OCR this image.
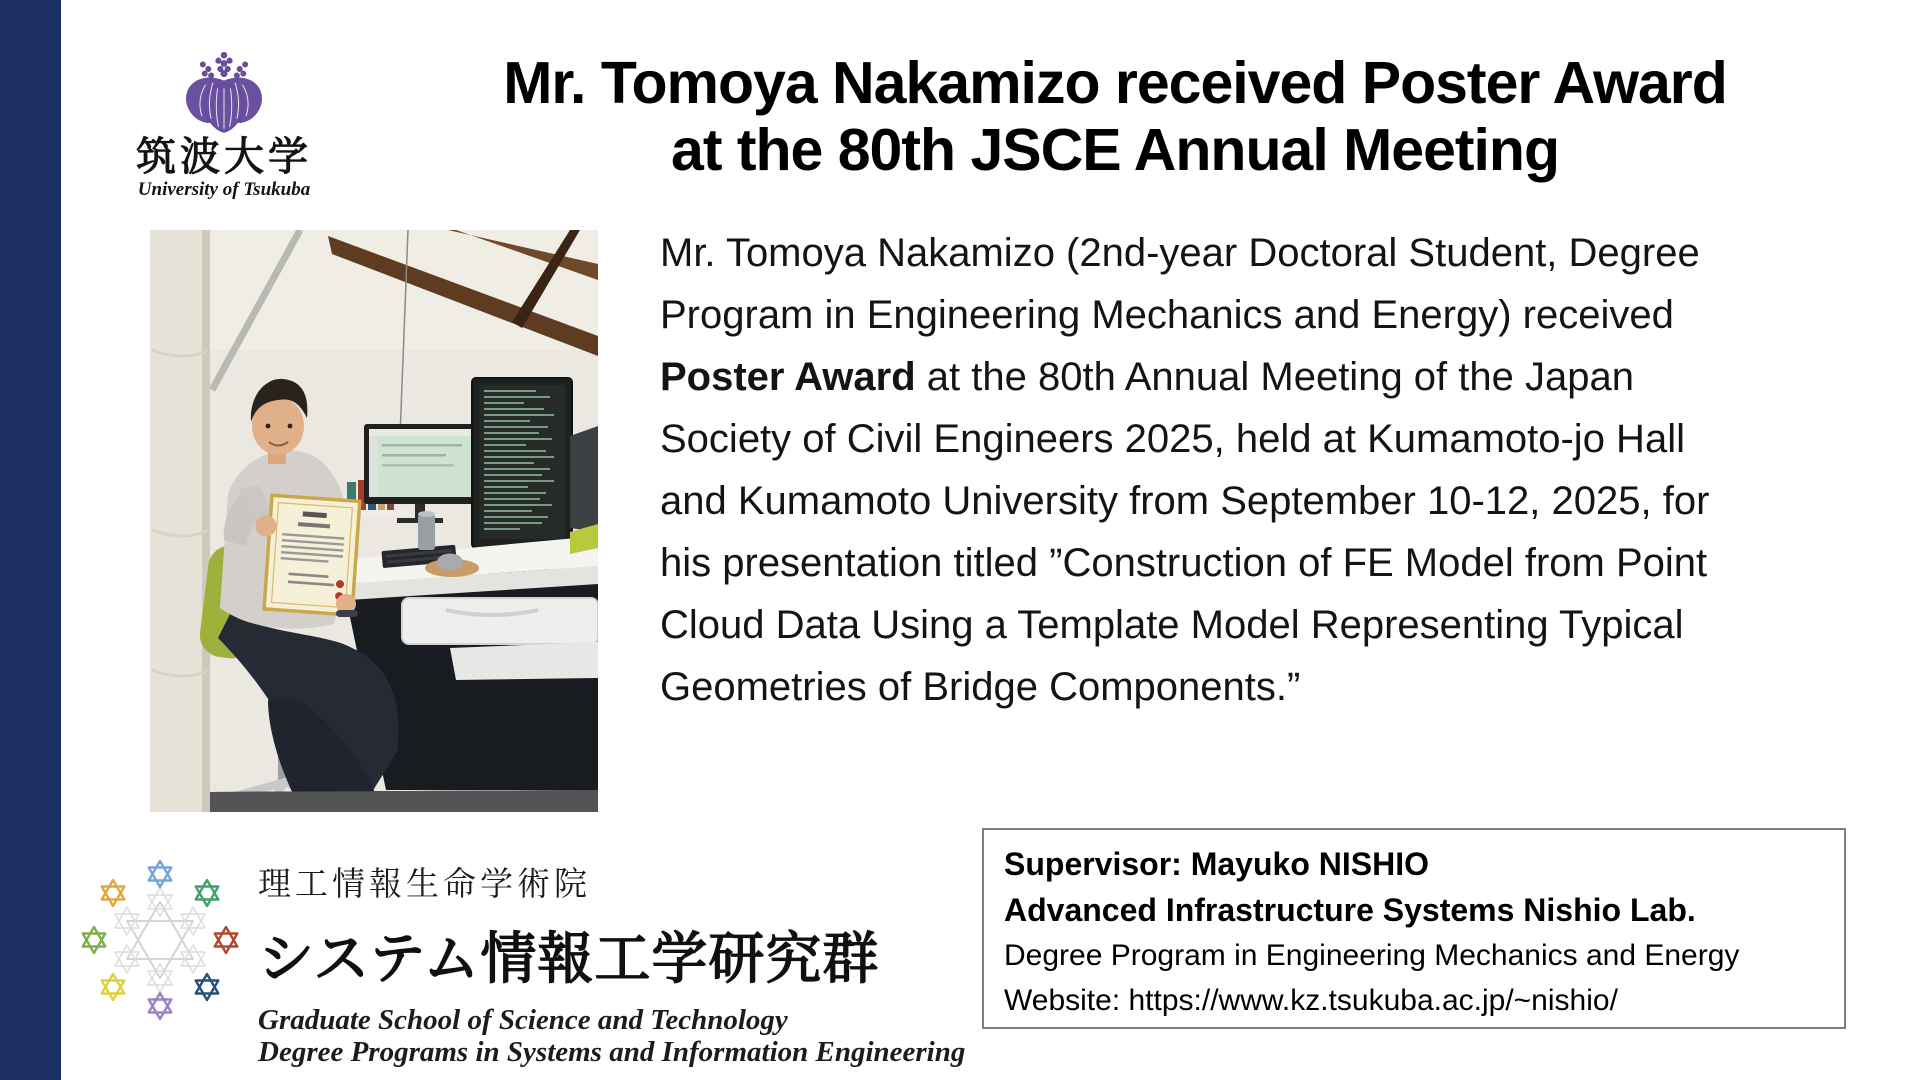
筑波大学
University of Tsukuba
Mr. Tomoya Nakamizo received Poster Award
at the 80th JSCE Annual Meeting
Mr. Tomoya Nakamizo (2nd-year Doctoral Student, Degree
Program in Engineering Mechanics and Energy) received
Poster Award at the 80th Annual Meeting of the Japan
Society of Civil Engineers 2025, held at Kumamoto-jo Hall
and Kumamoto University from September 10-12, 2025, for
his presentation titled ”Construction of FE Model from Point
Cloud Data Using a Template Model Representing Typical
Geometries of Bridge Components.”
理工情報生命学術院
システム情報工学研究群
Graduate School of Science and Technology
Degree Programs in Systems and Information Engineering
Supervisor: Mayuko NISHIO
Advanced Infrastructure Systems Nishio Lab.
Degree Program in Engineering Mechanics and Energy
Website: https://www.kz.tsukuba.ac.jp/~nishio/
